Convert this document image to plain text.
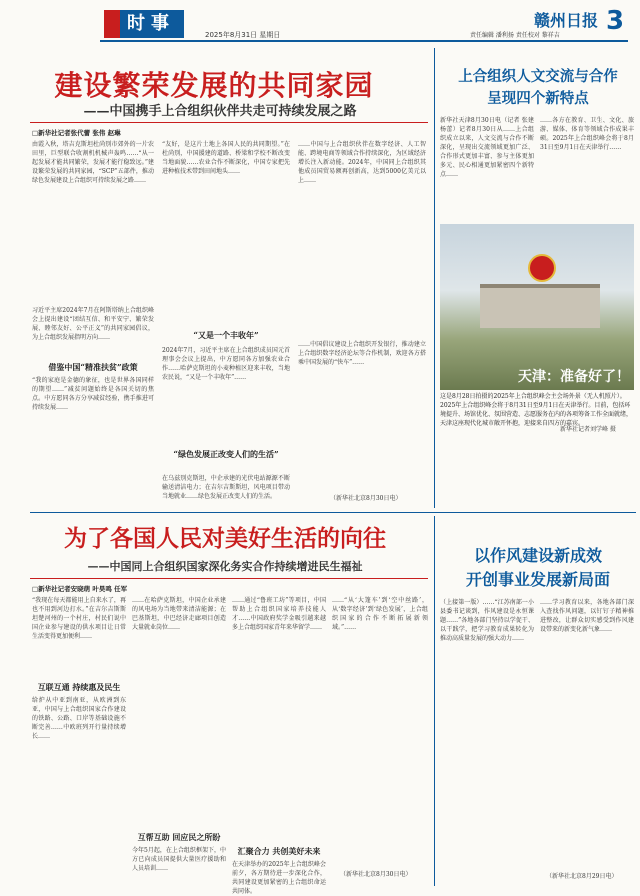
时事
2025年8月31日 星期日
赣州日报 3
责任编辑 潘利扬 责任校对 黎祥吉
建设繁荣发展的共同家园
——中国携手上合组织伙伴共走可持续发展之路
□新华社记者张代蕾 张伟 赵琳
由霞入秋，塔吉克斯坦杜尚别市郊外的一片农田里，巨型联合收割机机械声轰鸣……“从一起发展才能共同繁荣，发展才能行稳致远。”建设繁荣发展的共同家园，“SCP”五部件，推动绿色发展建设上合组织可持续发展之路……
习近平主席2024年7月在阿斯塔纳上合组织峰会上提出建设“团结互信、和平安宁、繁荣发展、睦邻友好、公平正义”的共同家园倡议，为上合组织发展指明方向……
借鉴中国“精准扶贫”政策
“我的家庭是金德的象征，也是世界各国同样的期望……”减贫问题始终是各国关切的焦点。中方愿同各方分享减贫经验，携手推进可持续发展……
“友好，是这片土地上各国人民的共同期望。”在杜尚别，中国援建的道路、桥梁和学校不断改变当地面貌……农业合作不断深化，中国专家把先进种植技术带到田间地头……
“又是一个丰收年”
2024年7月，习近平主席在上合组织成员国元首理事会会议上提出，中方愿同各方加强农业合作……哈萨克斯坦的小麦种植区迎来丰收，当地农民说，“又是一个丰收年”……
“绿色发展正改变人们的生活”
在乌兹别克斯坦，中企承建的光伏电站源源不断输送清洁电力；在吉尔吉斯斯坦，风电项目带动当地就业……绿色发展正改变人们的生活。
……中国与上合组织伙伴在数字经济、人工智能、跨境电商等领域合作持续深化，为区域经济增长注入新动能。2024年，中国同上合组织其他成员国贸易额再创新高，达到5000亿美元以上……
……中国倡议建设上合组织开发银行，推动建立上合组织数字经济论坛等合作机制，欢迎各方搭乘中国发展的“快车”……
（新华社北京8月30日电）
上合组织人文交流与合作
呈现四个新特点
新华社天津8月30日电（记者 张建 杨蕾）记者8月30日从……上合组织成立以来，人文交流与合作不断深化，呈现出交流领域更加广泛、合作形式更加丰富、参与主体更加多元、民心相通更加紧密四个新特点……
……各方在教育、卫生、文化、旅游、媒体、体育等领域合作成果丰硕。2025年上合组织峰会将于8月31日至9月1日在天津举行……
天津：准备好了！
这是8月28日拍摄的2025年上合组织峰会主会场外景（无人机照片）。2025年上合组织峰会将于8月31日至9月1日在天津举行。目前，包括环境提升、场馆优化、氛围营造、志愿服务在内的各项筹备工作全面就绪，天津这座现代化城市敞开怀抱，迎接来自四方的嘉宾。
新华社记者刘学峰 摄
为了各国人民对美好生活的向往
——中国同上合组织国家深化务实合作持续增进民生福祉
□新华社记者安晓萌 叶昊鸣 任军
“我现在每天都能用上自来水了，再也不用到河边打水。”在吉尔吉斯斯坦楚河州的一个村庄，村民们说中国企业参与建设的供水项目让日常生活变得更加便利……
互联互通 持续惠及民生
给炉从中亚到南亚，从欧洲到东亚，中国与上合组织国家合作建设的铁路、公路、口岸等基础设施不断完善……中欧班列开行量持续增长……
……在哈萨克斯坦，中国企业承建的风电场为当地带来清洁能源；在巴基斯坦，中巴经济走廊项目创造大量就业岗位……
互帮互助 回应民之所盼
今年5月起，在上合组织框架下，中方已向成员国提供大量医疗援助和人员培训……
……通过“鲁班工坊”等项目，中国帮助上合组织国家培养技能人才……中国政府奖学金吸引越来越多上合组织国家青年来华留学……
汇聚合力 共创美好未来
在天津举办的2025年上合组织峰会前夕，各方期待进一步深化合作，共同建设更加紧密的上合组织命运共同体。
……“从‘大篷车’到‘空中丝路’，从‘数字经济’到‘绿色发展’，上合组织国家的合作不断拓展新领域。”……
（新华社北京8月30日电）
以作风建设新成效
开创事业发展新局面
（上接第一版）……“江苏南部一小县委书记谈到，作风建设是永恒课题……”各地各部门坚持以学促干、以干践学，把学习教育成果转化为推动高质量发展的强大动力……
……学习教育以来，各地各部门深入查找作风问题，以钉钉子精神推进整改，让群众切实感受到作风建设带来的新变化新气象……
（新华社北京8月29日电）
